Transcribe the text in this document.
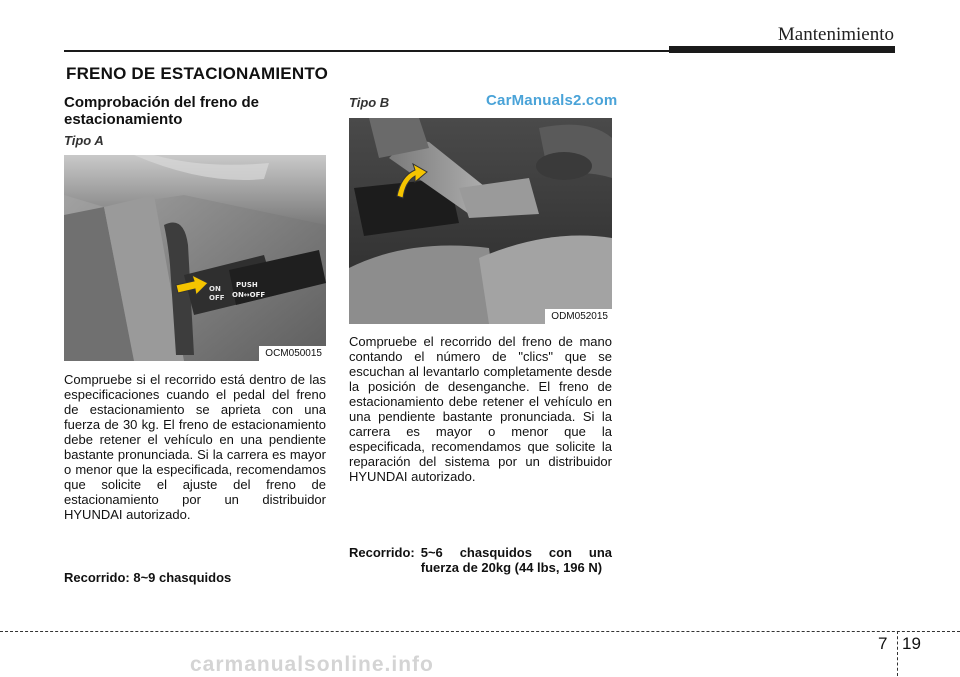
Mantenimiento
FRENO DE ESTACIONAMIENTO
Comprobación del freno de estacionamiento
Tipo A
ON
OFF
PUSH
ON↔OFF
OCM050015

Compruebe si el recorrido está dentro de las especificaciones cuando el pedal del freno de estacionamiento se aprieta con una fuerza de 30 kg. El freno de estacionamiento debe retener el vehículo en una pendiente bastante pronunciada. Si la carrera es mayor o menor que la especificada, recomendamos que solicite el ajuste del freno de estacionamiento por un distribuidor HYUNDAI autorizado.

Recorrido: 8~9 chasquidos
Tipo B	CarManuals2.com
ODM052015

Compruebe el recorrido del freno de mano contando el número de "clics" que se escuchan al levantarlo completamente desde la posición de desenganche. El freno de estacionamiento debe retener el vehículo en una pendiente bastante pronunciada. Si la carrera es mayor o menor que la especificada, recomendamos que solicite la reparación del sistema por un distribuidor HYUNDAI autorizado.

Recorrido: 5~6 chasquidos con una fuerza de 20kg (44 lbs, 196 N)
7 19
carmanualsonline.info
